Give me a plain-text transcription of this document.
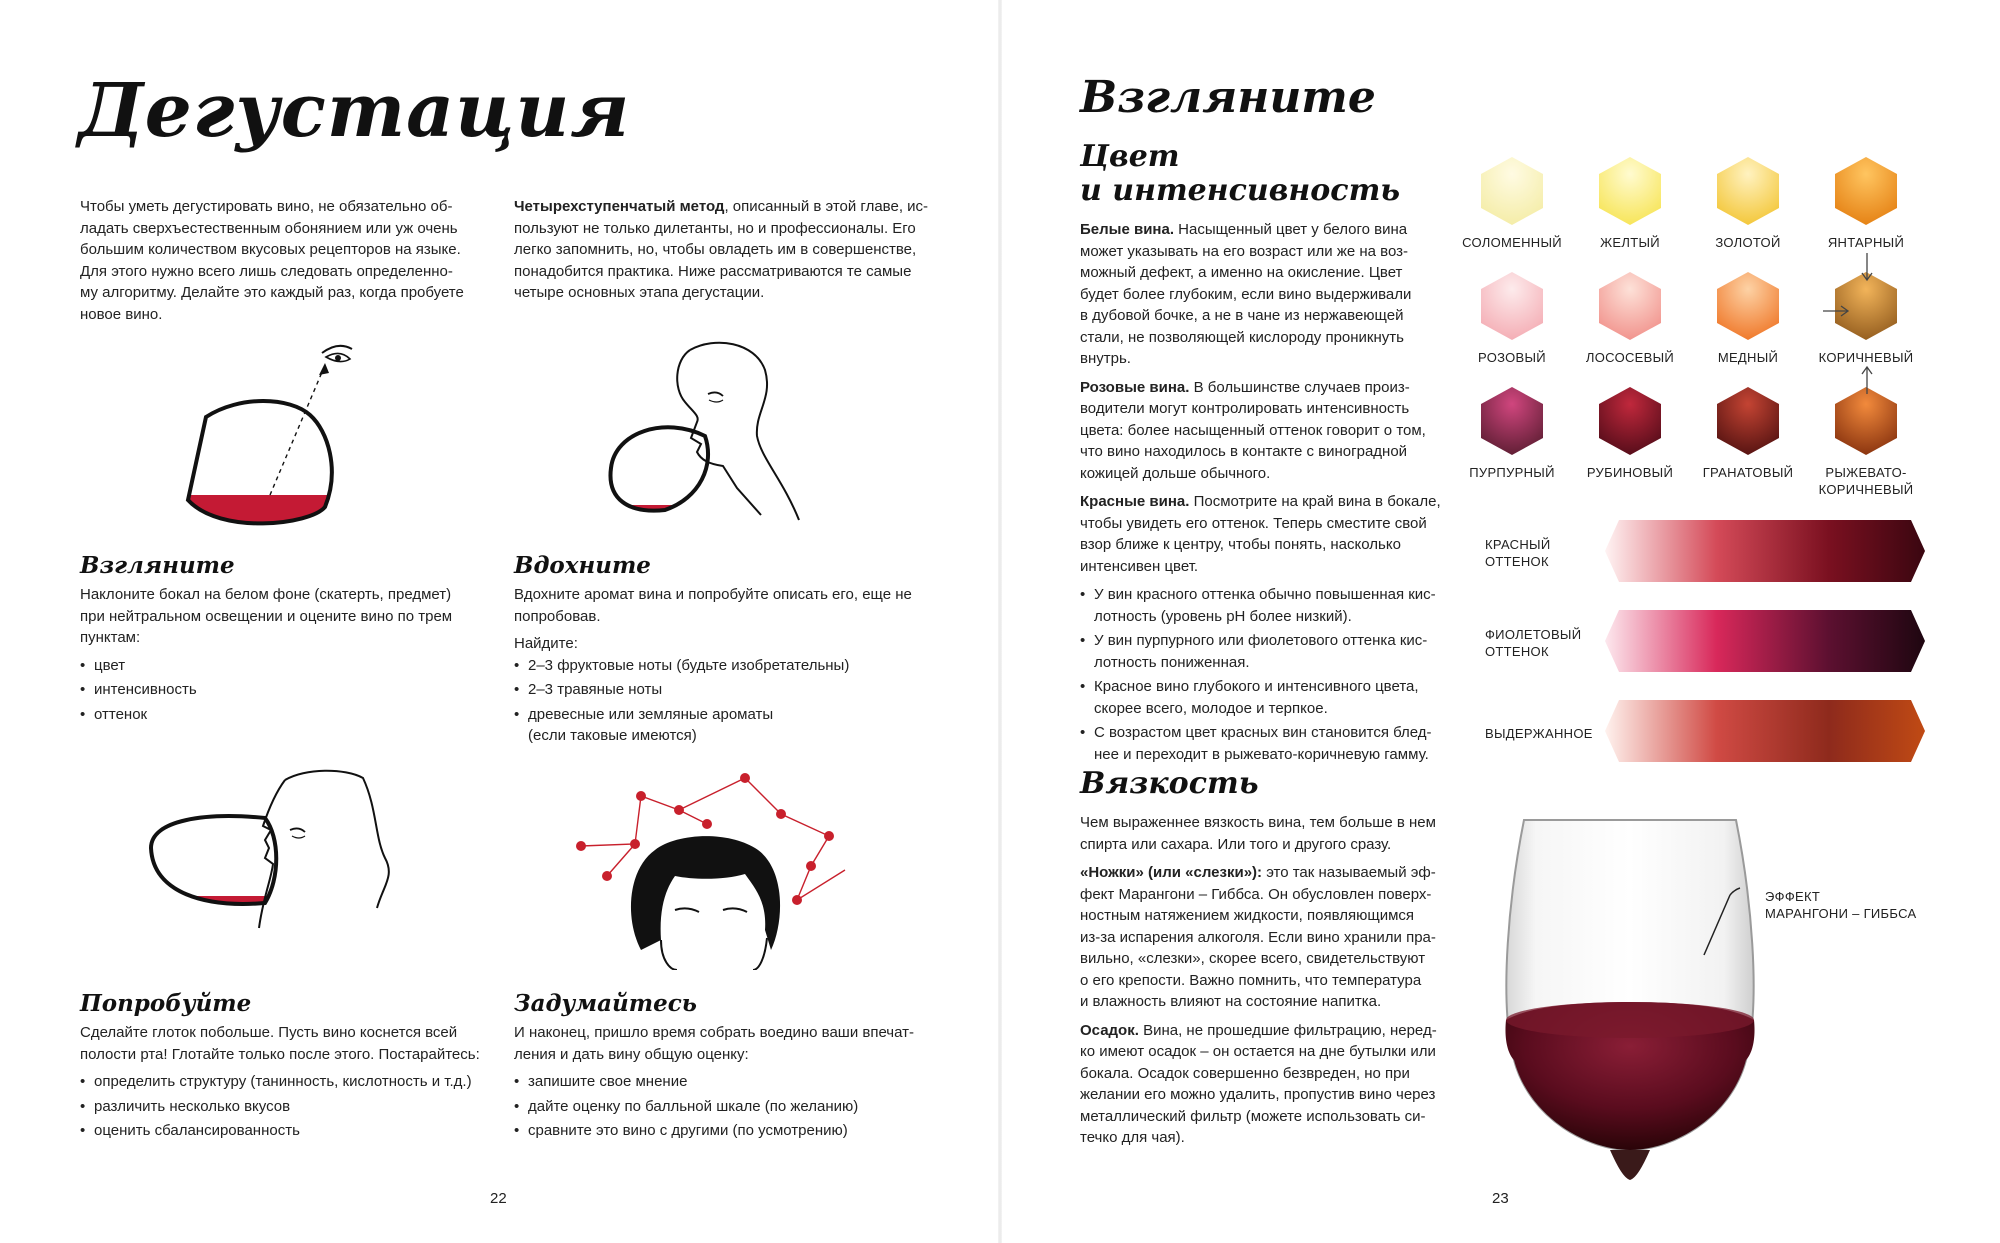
Дегустация
Чтобы уметь дегустировать вино, не обязательно об-
ладать сверхъестественным обонянием или уж очень
большим количеством вкусовых рецепторов на языке.
Для этого нужно всего лишь следовать определенно-
му алгоритму. Делайте это каждый раз, когда пробуете
новое вино.
Четырехступенчатый метод, описанный в этой главе, ис-
пользуют не только дилетанты, но и профессионалы. Его
легко запомнить, но, чтобы овладеть им в совершенстве,
понадобится практика. Ниже рассматриваются те самые
четыре основных этапа дегустации.
Взгляните
Наклоните бокал на белом фоне (скатерть, предмет)
при нейтральном освещении и оцените вино по трем
пунктам:
• цвет
• интенсивность
• оттенок
Вдохните
Вдохните аромат вина и попробуйте описать его, еще не
попробовав.
Найдите:
• 2–3 фруктовые ноты (будьте изобретательны)
• 2–3 травяные ноты
• древесные или земляные ароматы
(если таковые имеются)
Попробуйте
Сделайте глоток побольше. Пусть вино коснется всей
полости рта! Глотайте только после этого. Постарайтесь:
• определить структуру (танинность, кислотность и т.д.)
• различить несколько вкусов
• оценить сбалансированность
Задумайтесь
И наконец, пришло время собрать воедино ваши впечат-
ления и дать вину общую оценку:
• запишите свое мнение
• дайте оценку по балльной шкале (по желанию)
• сравните это вино с другими (по усмотрению)
22
Взгляните
Цвет
и интенсивность

Белые вина. Насыщенный цвет у белого вина
может указывать на его возраст или же на воз-
можный дефект, а именно на окисление. Цвет
будет более глубоким, если вино выдерживали
в дубовой бочке, а не в чане из нержавеющей
стали, не позволяющей кислороду проникнуть
внутрь.

Розовые вина. В большинстве случаев произ-
водители могут контролировать интенсивность
цвета: более насыщенный оттенок говорит о том,
что вино находилось в контакте с виноградной
кожицей дольше обычного.

Красные вина. Посмотрите на край вина в бокале,
чтобы увидеть его оттенок. Теперь сместите свой
взор ближе к центру, чтобы понять, насколько
интенсивен цвет.

• У вин красного оттенка обычно повышенная кис-
лотность (уровень pH более низкий).
• У вин пурпурного или фиолетового оттенка кис-
лотность пониженная.
• Красное вино глубокого и интенсивного цвета,
скорее всего, молодое и терпкое.
• С возрастом цвет красных вин становится блед-
нее и переходит в рыжевато-коричневую гамму.
Вязкость

Чем выраженнее вязкость вина, тем больше в нем
спирта или сахара. Или того и другого сразу.

«Ножки» (или «слезки»): это так называемый эф-
фект Марангони – Гиббса. Он обусловлен поверх-
ностным натяжением жидкости, появляющимся
из-за испарения алкоголя. Если вино хранили пра-
вильно, «слезки», скорее всего, свидетельствуют
о его крепости. Важно помнить, что температура
и влажность влияют на состояние напитка.

Осадок. Вина, не прошедшие фильтрацию, неред-
ко имеют осадок – он остается на дне бутылки или
бокала. Осадок совершенно безвреден, но при
желании его можно удалить, пропустив вино через
металлический фильтр (можете использовать си-
течко для чая).

СОЛОМЕННЫЙ	ЖЕЛТЫЙ	ЗОЛОТОЙ	ЯНТАРНЫЙ
РОЗОВЫЙ	ЛОСОСЕВЫЙ	МЕДНЫЙ	КОРИЧНЕВЫЙ
ПУРПУРНЫЙ	РУБИНОВЫЙ	ГРАНАТОВЫЙ	РЫЖЕВАТО-
КОРИЧНЕВЫЙ
КРАСНЫЙ
ОТТЕНОК
ФИОЛЕТОВЫЙ
ОТТЕНОК
ВЫДЕРЖАННОЕ
ЭФФЕКТ
МАРАНГОНИ – ГИББСА
23
